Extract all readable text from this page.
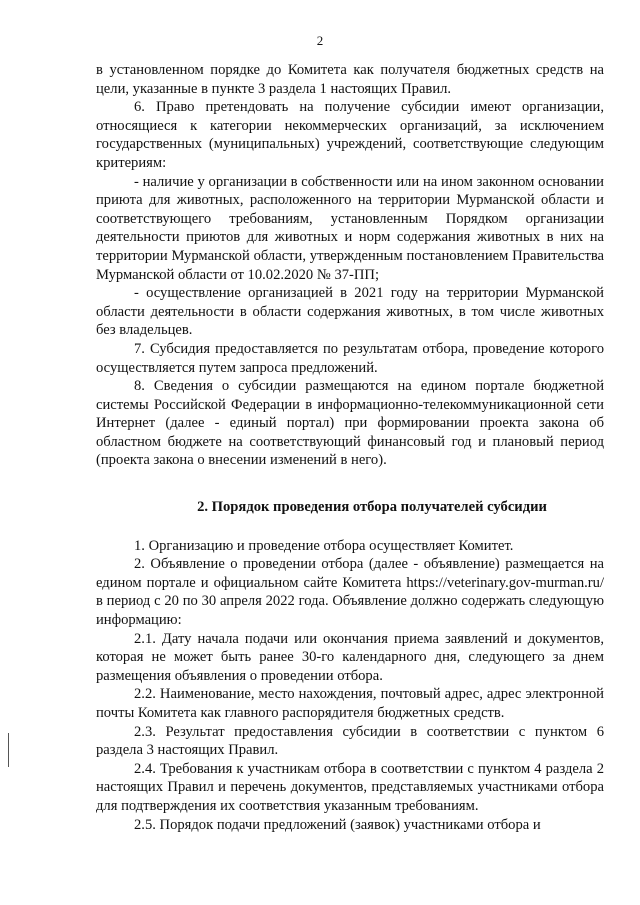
2

в установленном порядке до Комитета как получателя бюджетных средств на цели, указанные в пункте 3 раздела 1 настоящих Правил.

6. Право претендовать на получение субсидии имеют организации, относящиеся к категории некоммерческих организаций, за исключением государственных (муниципальных) учреждений, соответствующие следующим критериям:

- наличие у организации в собственности или на ином законном основании приюта для животных, расположенного на территории Мурманской области и соответствующего требованиям, установленным Порядком организации деятельности приютов для животных и норм содержания животных в них на территории Мурманской области, утвержденным постановлением Правительства Мурманской области от 10.02.2020 № 37-ПП;

- осуществление организацией в 2021 году на территории Мурманской области деятельности в области содержания животных, в том числе животных без владельцев.

7. Субсидия предоставляется по результатам отбора, проведение которого осуществляется путем запроса предложений.

8. Сведения о субсидии размещаются на едином портале бюджетной системы Российской Федерации в информационно-телекоммуникационной сети Интернет (далее - единый портал) при формировании проекта закона об областном бюджете на соответствующий финансовый год и плановый период (проекта закона о внесении изменений в него).

2. Порядок проведения отбора получателей субсидии

1. Организацию и проведение отбора осуществляет Комитет.

2. Объявление о проведении отбора (далее - объявление) размещается на едином портале и официальном сайте Комитета https://veterinary.gov-murman.ru/ в период с 20 по 30 апреля 2022 года. Объявление должно содержать следующую информацию:

2.1. Дату начала подачи или окончания приема заявлений и документов, которая не может быть ранее 30-го календарного дня, следующего за днем размещения объявления о проведении отбора.

2.2. Наименование, место нахождения, почтовый адрес, адрес электронной почты Комитета как главного распорядителя бюджетных средств.

2.3. Результат предоставления субсидии в соответствии с пунктом 6 раздела 3 настоящих Правил.

2.4. Требования к участникам отбора в соответствии с пунктом 4 раздела 2 настоящих Правил и перечень документов, представляемых участниками отбора для подтверждения их соответствия указанным требованиям.

2.5. Порядок подачи предложений (заявок) участниками отбора и
